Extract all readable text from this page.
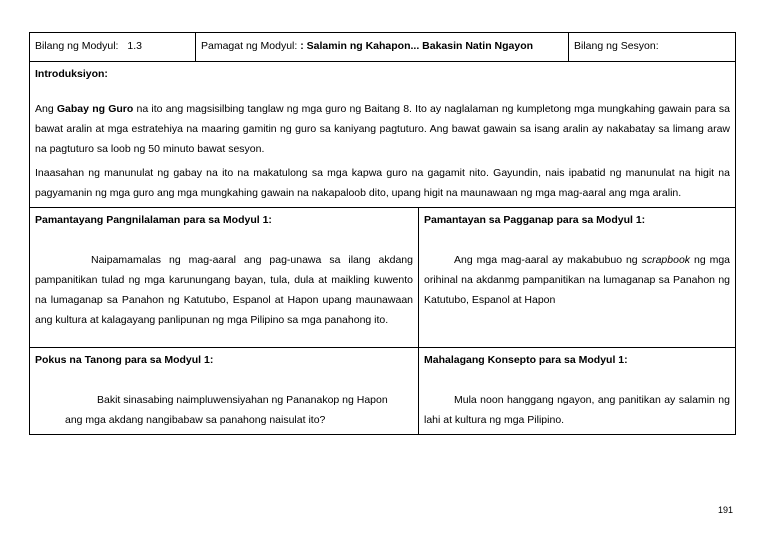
Bilang ng Modyul: 1.3	Pamagat ng Modyul: : Salamin ng Kahapon... Bakasin Natin Ngayon	Bilang ng Sesyon:
Introduksiyon:

Ang Gabay ng Guro na ito ang magsisilbing tanglaw ng mga guro ng Baitang 8. Ito ay naglalaman ng kumpletong mga mungkahing gawain para sa bawat aralin at mga estratehiya na maaring gamitin ng guro sa kaniyang pagtuturo. Ang bawat gawain sa isang aralin ay nakabatay sa limang araw na pagtuturo sa loob ng 50 minuto bawat sesyon.

Inaasahan ng manunulat ng gabay na ito na makatulong sa mga kapwa guro na gagamit nito. Gayundin, nais ipabatid ng manunulat na higit na pagyamanin ng mga guro ang mga mungkahing gawain na nakapaloob dito, upang higit na maunawaan ng mga mag-aaral ang mga aralin.

Pamantayang Pangnilalaman para sa Modyul 1:

Naipamamalas ng mag-aaral ang pag-unawa sa ilang akdang pampanitikan tulad ng mga karunungang bayan, tula, dula at maikling kuwento na lumaganap sa Panahon ng Katutubo, Espanol at Hapon upang maunawaan ang kultura at kalagayang panlipunan ng mga Pilipino sa mga panahong ito.

Pamantayan sa Pagganap para sa Modyul 1:

Ang mga mag-aaral ay makabubuo ng scrapbook ng mga orihinal na akdanmg pampanitikan na lumaganap sa Panahon ng Katutubo, Espanol at Hapon

Pokus na Tanong para sa Modyul 1:

Bakit sinasabing naimpluwensiyahan ng Pananakop ng Hapon

ang mga akdang nangibabaw sa panahong naisulat ito?

Mahalagang Konsepto para sa Modyul 1:

Mula noon hanggang ngayon, ang panitikan ay salamin ng lahi at kultura ng mga Pilipino.

191
